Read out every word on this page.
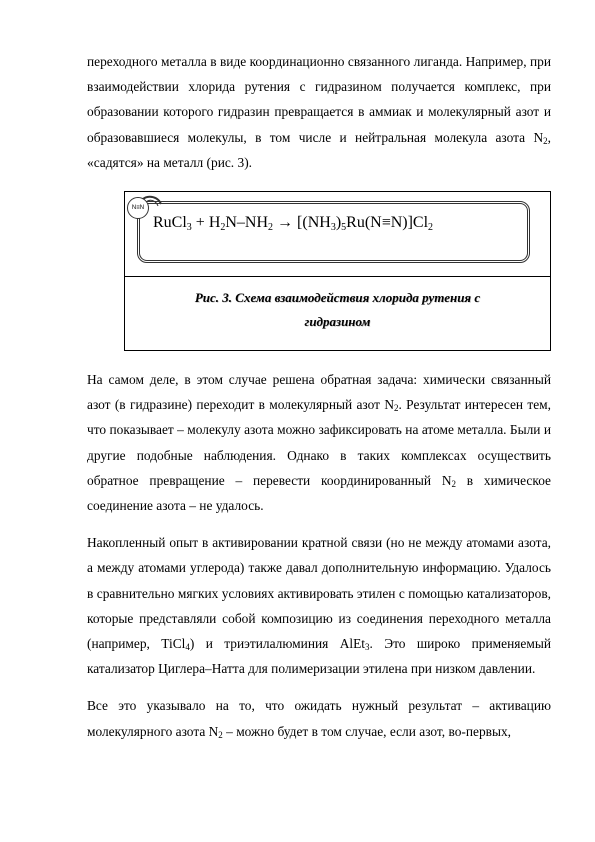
переходного металла в виде координационно связанного лиганда. Например, при взаимодействии хлорида рутения с гидразином получается комплекс, при образовании которого гидразин превращается в аммиак и молекулярный азот и образовавшиеся молекулы, в том числе и нейтральная молекула азота $N_2$, «садятся» на металл (рис. 3).

N≡N
RuCl$_3$ + $H_2N-NH_2 \to [(NH_3)_5Ru(N\equiv N)]Cl_2$
Рис. 3. Схема взаимодействия хлорида рутения с
гидразином

На самом деле, в этом случае решена обратная задача: химически связанный азот (в гидразине) переходит в молекулярный азот $N_2$. Результат интересен тем, что показывает – молекулу азота можно зафиксировать на атоме металла. Были и другие подобные наблюдения. Однако в таких комплексах осуществить обратное превращение – перевести координированный $N_2$ в химическое соединение азота – не удалось.

Накопленный опыт в активировании кратной связи (но не между атомами азота, а между атомами углерода) также давал дополнительную информацию. Удалось в сравнительно мягких условиях активировать этилен с помощью катализаторов, которые представляли собой композицию из соединения переходного металла (например, TiCl$_4$) и триэтилалюминия AlEt$_3$. Это широко применяемый катализатор Циглера–Натта для полимеризации этилена при низком давлении.

Все это указывало на то, что ожидать нужный результат – активацию молекулярного азота $N_2$ – можно будет в том случае, если азот, во-первых,
